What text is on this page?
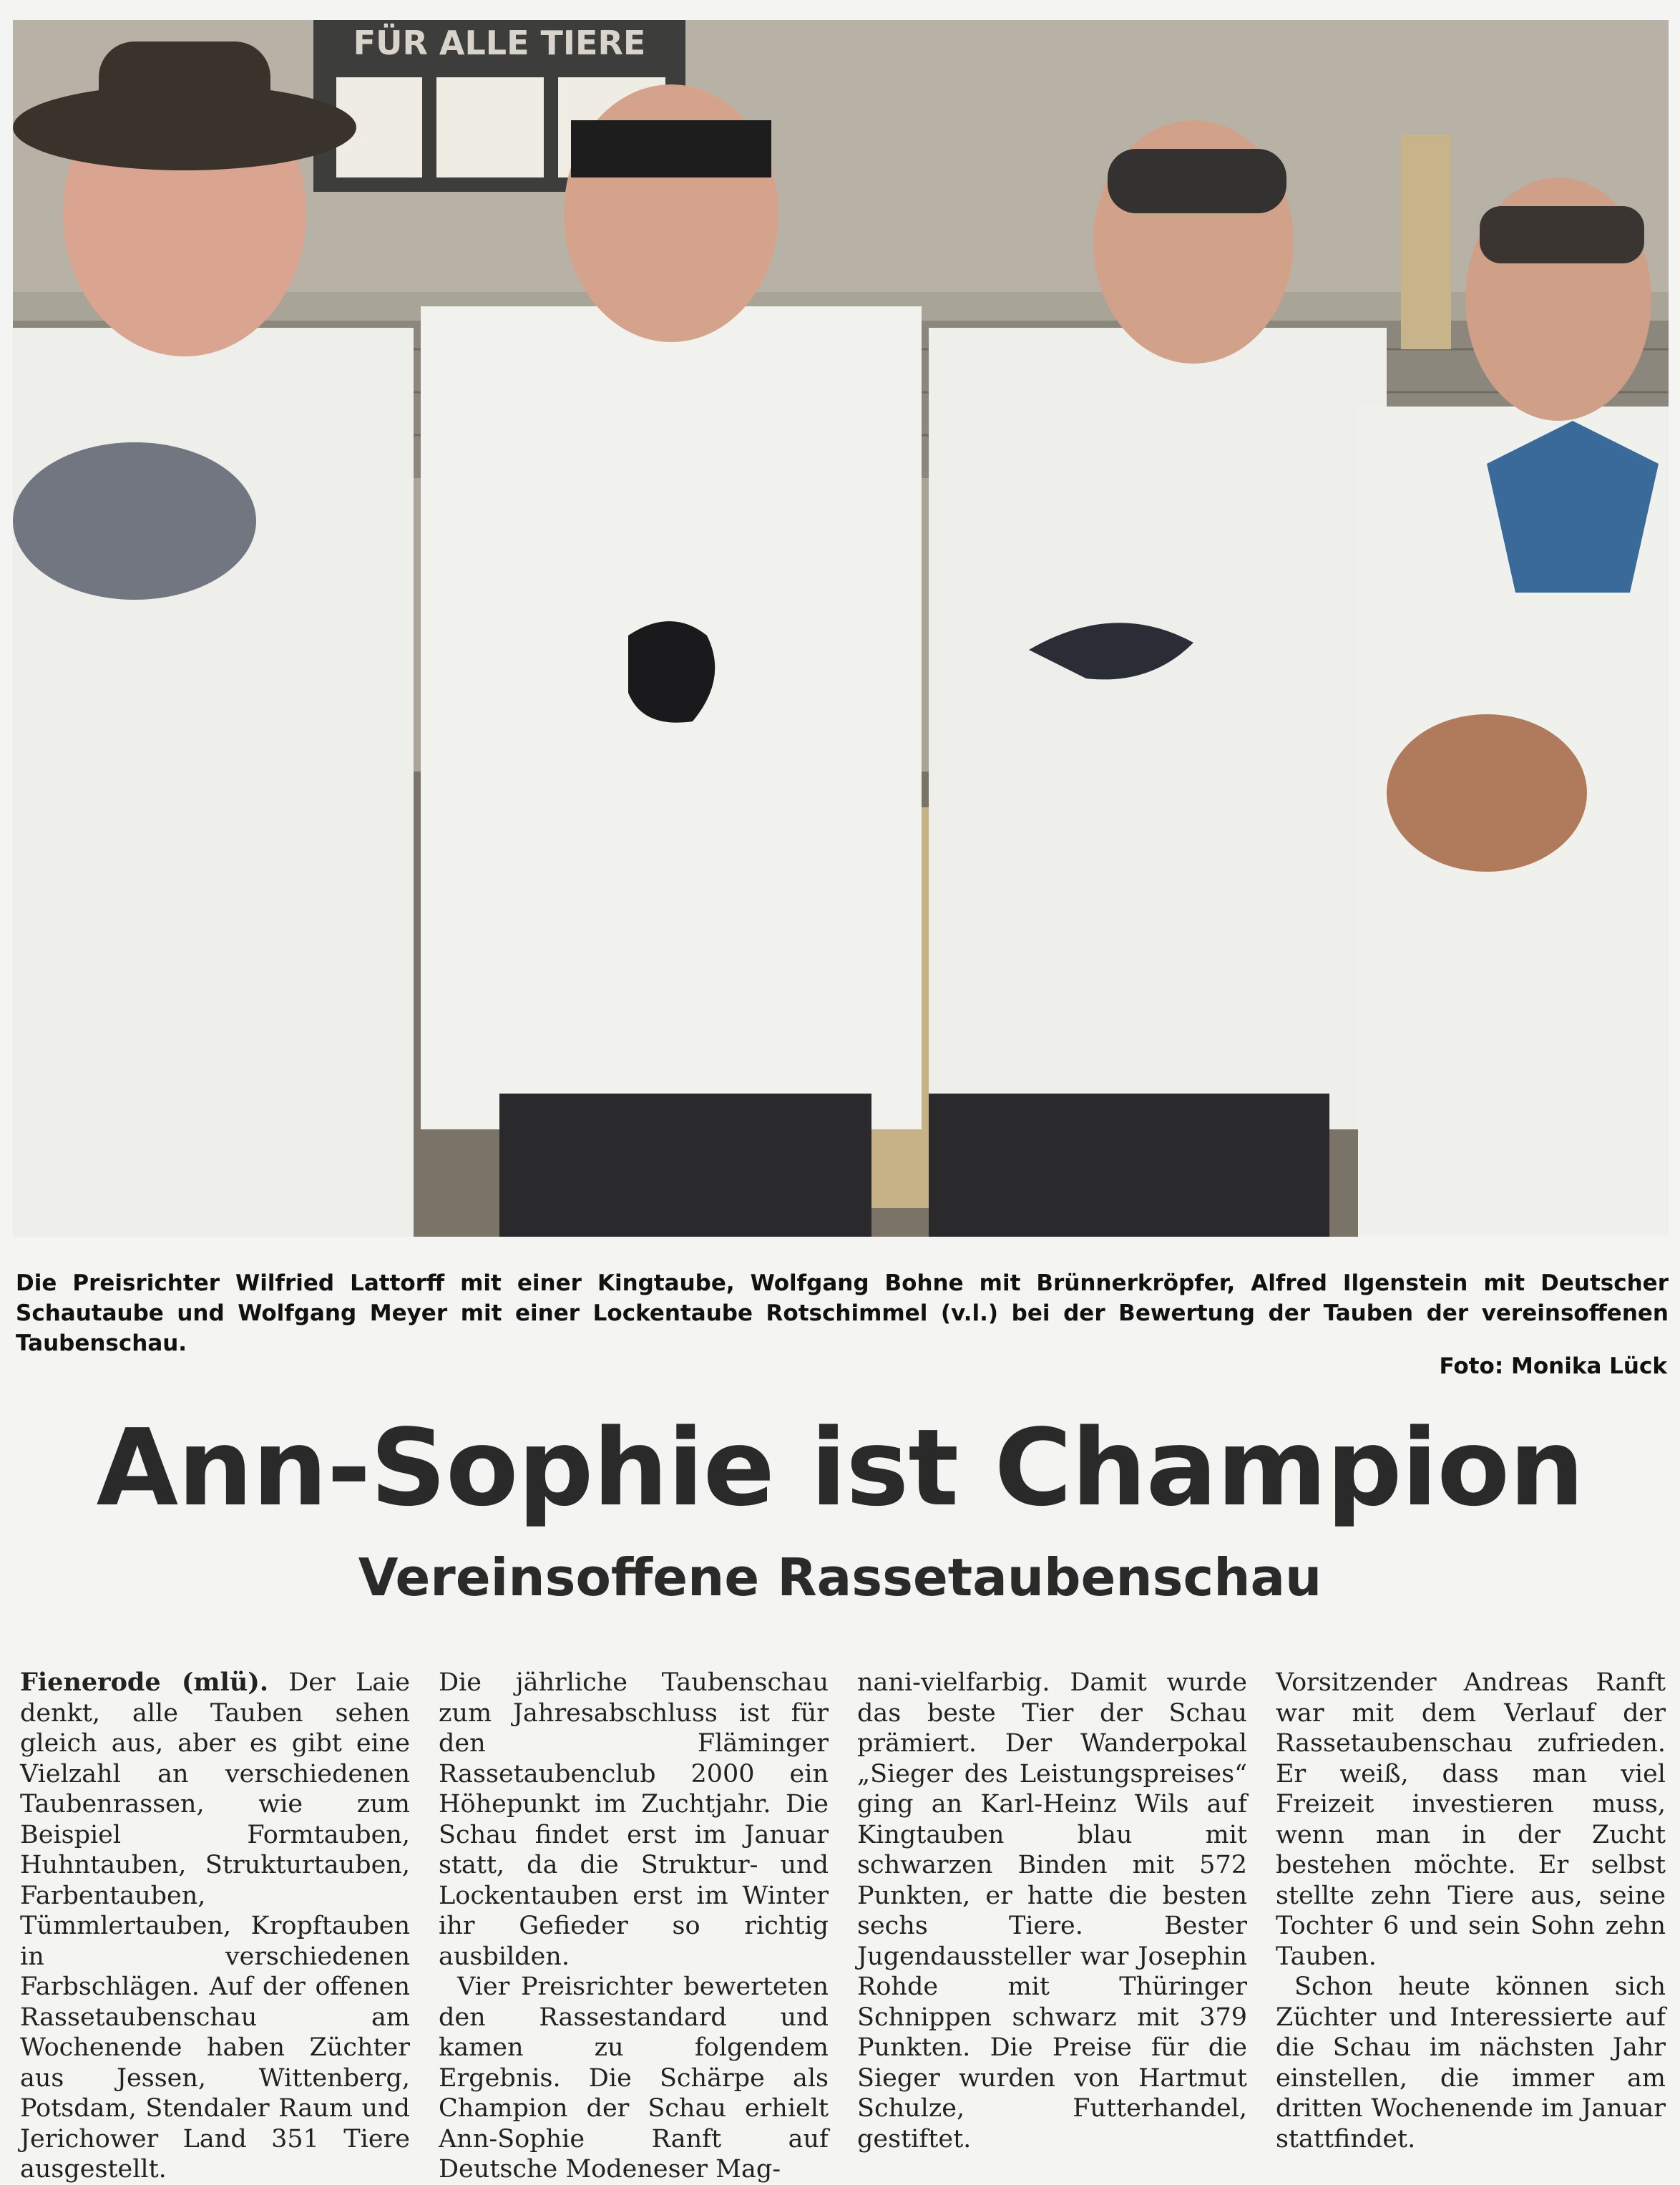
FÜR ALLE TIERE
Die Preisrichter Wilfried Lattorff mit einer Kingtaube, Wolfgang Bohne mit Brünnerkröpfer, Alfred Ilgenstein mit Deutscher Schautaube und Wolfgang Meyer mit einer Lockentaube Rotschimmel (v.l.) bei der Bewertung der Tauben der vereinsoffenen Taubenschau.
Foto: Monika Lück
Ann-Sophie ist Champion
Vereinsoffene Rassetaubenschau

Fienerode (mlü). Der Laie denkt, alle Tauben sehen gleich aus, aber es gibt eine Vielzahl an verschiedenen Taubenrassen, wie zum Beispiel Formtauben, Huhntauben, Strukturtauben, Farbentauben, Tümmlertauben, Kropftauben in verschiedenen Farbschlägen. Auf der offenen Rassetaubenschau am Wochenende haben Züchter aus Jessen, Wittenberg, Potsdam, Stendaler Raum und Jerichower Land 351 Tiere ausgestellt.

Die jährliche Taubenschau zum Jahresabschluss ist für den Fläminger Rassetaubenclub 2000 ein Höhepunkt im Zuchtjahr. Die Schau findet erst im Januar statt, da die Struktur- und Lockentauben erst im Winter ihr Gefieder so richtig ausbilden.

Vier Preisrichter bewerteten den Rassestandard und kamen zu folgendem Ergebnis. Die Schärpe als Champion der Schau erhielt Ann-Sophie Ranft auf Deutsche Modeneser Mag-

nani-vielfarbig. Damit wurde das beste Tier der Schau prämiert. Der Wanderpokal „Sieger des Leistungspreises“ ging an Karl-Heinz Wils auf Kingtauben blau mit schwarzen Binden mit 572 Punkten, er hatte die besten sechs Tiere. Bester Jugendaussteller war Josephin Rohde mit Thüringer Schnippen schwarz mit 379 Punkten. Die Preise für die Sieger wurden von Hartmut Schulze, Futterhandel, gestiftet.

Vorsitzender Andreas Ranft war mit dem Verlauf der Rassetaubenschau zufrieden. Er weiß, dass man viel Freizeit investieren muss, wenn man in der Zucht bestehen möchte. Er selbst stellte zehn Tiere aus, seine Tochter 6 und sein Sohn zehn Tauben.

Schon heute können sich Züchter und Interessierte auf die Schau im nächsten Jahr einstellen, die immer am dritten Wochenende im Januar stattfindet.
